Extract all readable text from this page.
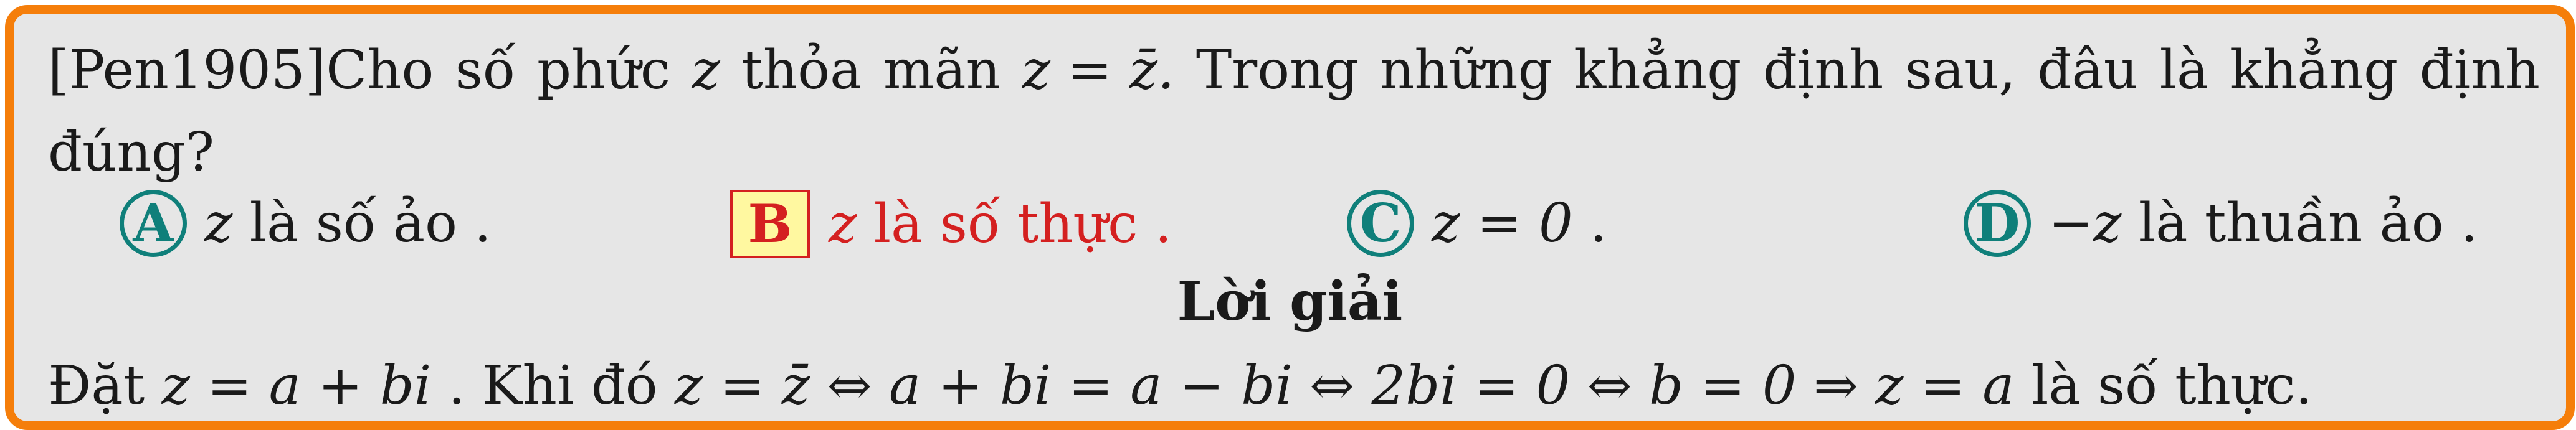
[Pen1905]Cho số phức z thỏa mãn z = z̄. Trong những khẳng định sau, đâu là khẳng định
đúng?
A z là số ảo .	B z là số thực .	C z = 0 .	D −z là thuần ảo .
Lời giải
Đặt z = a + bi . Khi đó z = z̄ ⇔ a + bi = a − bi ⇔ 2bi = 0 ⇔ b = 0 ⇒ z = a là số thực.
